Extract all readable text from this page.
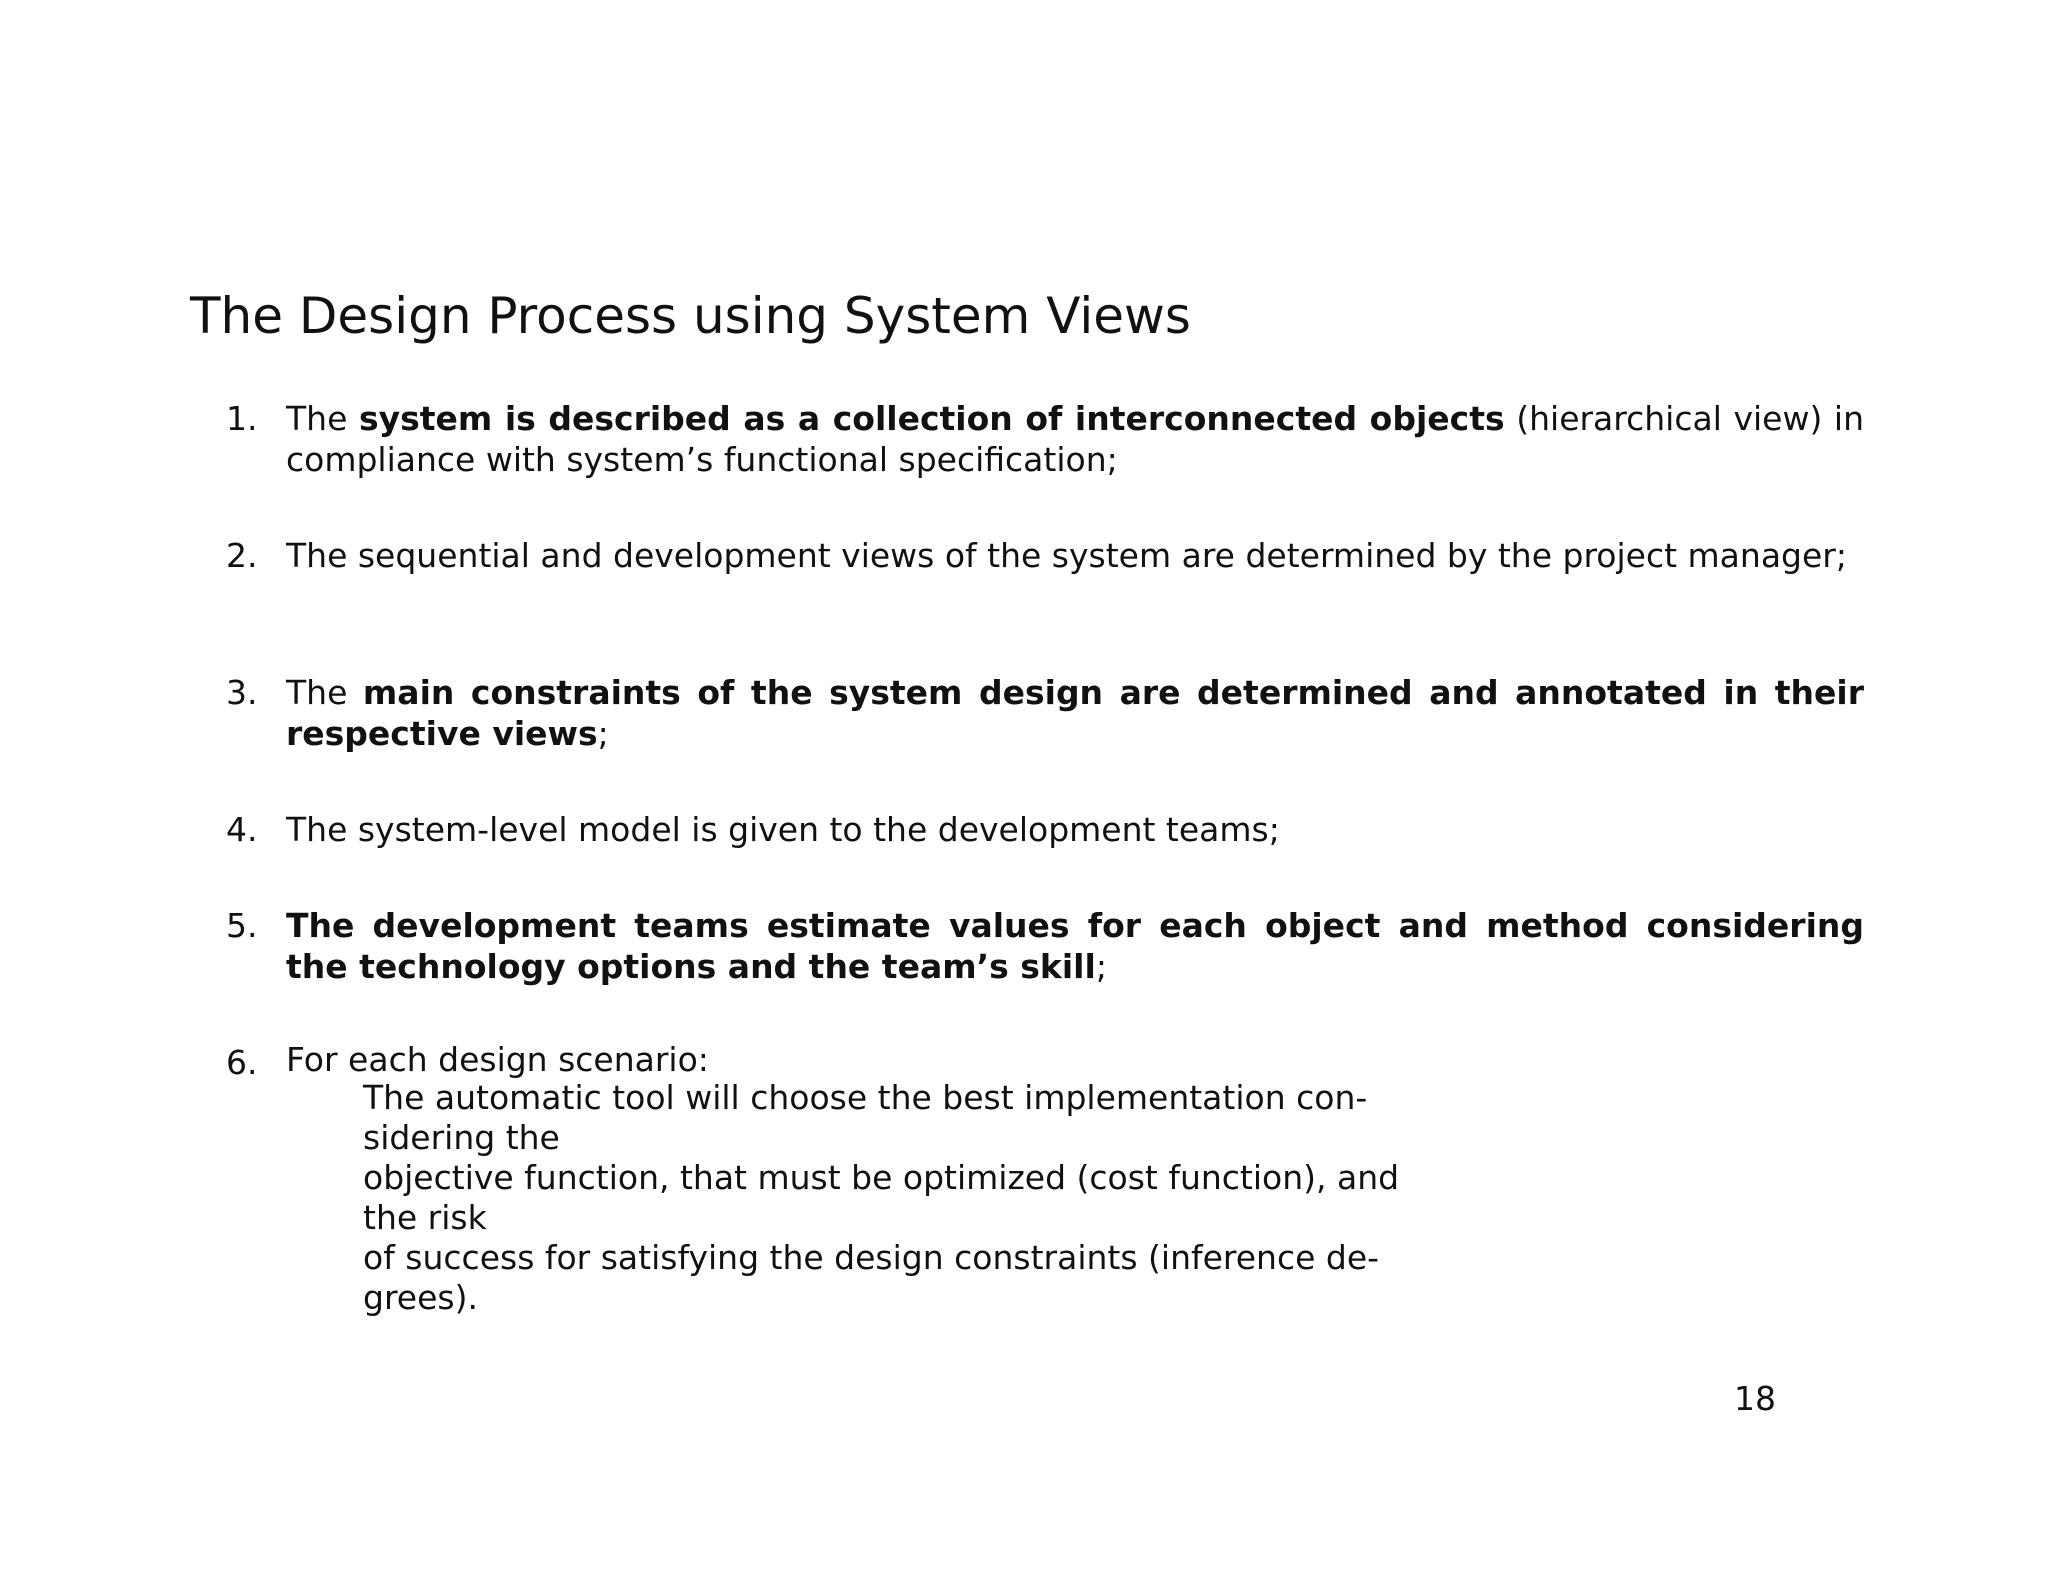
The Design Process using System Views
1. The system is described as a collection of interconnected objects (hierarchical view) in compliance with system’s functional specification;
2. The sequential and development views of the system are determined by the project manager;
3. The main constraints of the system design are determined and annotated in their respective views;
4. The system-level model is given to the development teams;
5. The development teams estimate values for each object and method considering the technology options and the team’s skill;
6. For each design scenario:
The automatic tool will choose the best implementation con-
sidering the
objective function, that must be optimized (cost function), and
the risk
of success for satisfying the design constraints (inference de-
grees).
18
